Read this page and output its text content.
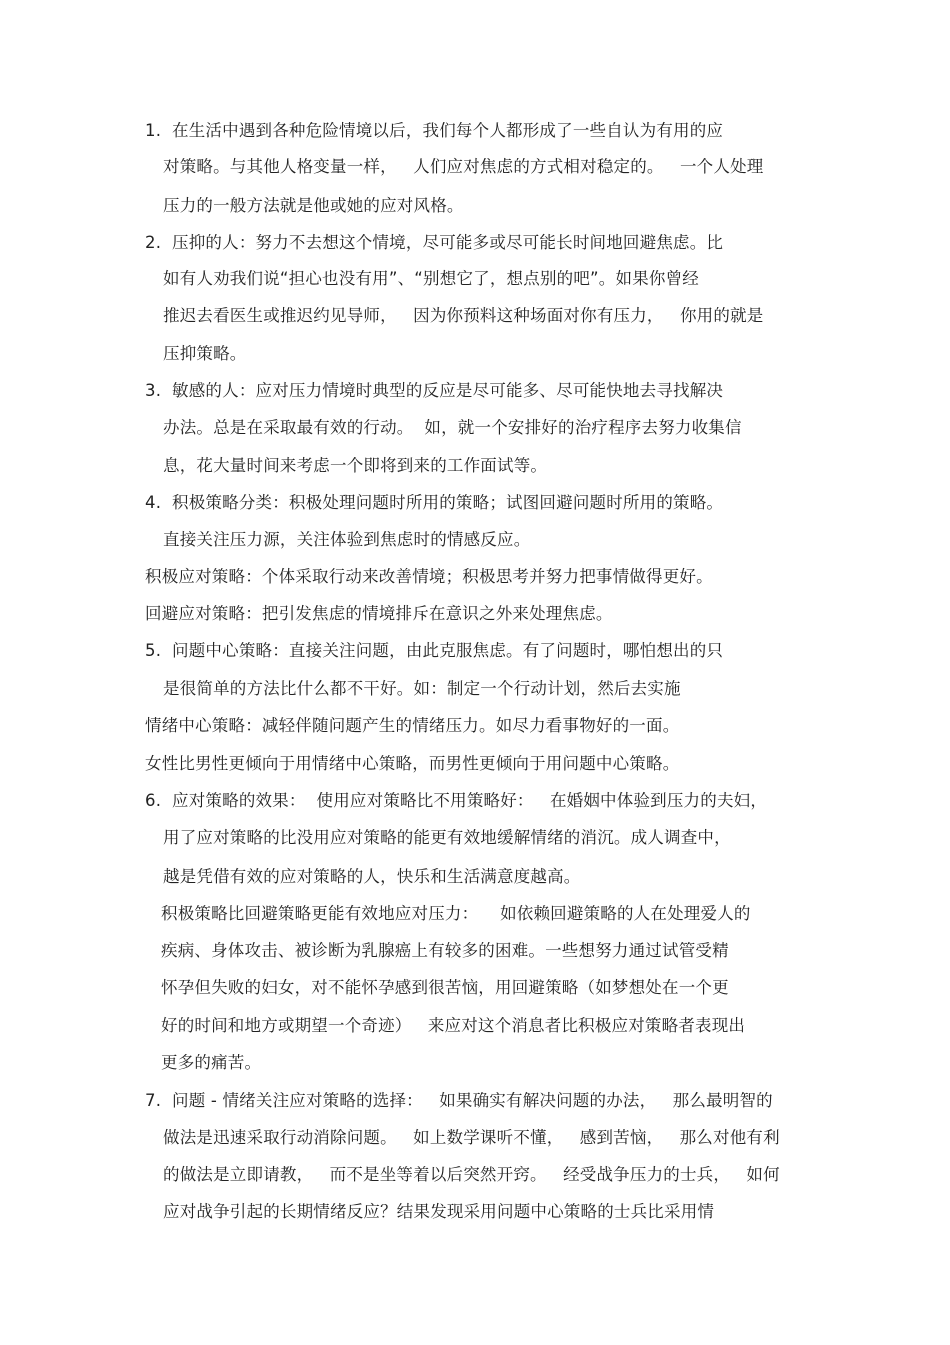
1.  在生活中遇到各种危险情境以后，我们每个人都形成了一些自认为有用的应
对策略。与其他人格变量一样，   人们应对焦虑的方式相对稳定的。   一个人处理
压力的一般方法就是他或她的应对风格。
2.  压抑的人：努力不去想这个情境，尽可能多或尽可能长时间地回避焦虑。比
如有人劝我们说“担心也没有用”、“别想它了，想点别的吧”。如果你曾经
推迟去看医生或推迟约见导师，   因为你预料这种场面对你有压力，   你用的就是
压抑策略。
3.  敏感的人：应对压力情境时典型的反应是尽可能多、尽可能快地去寻找解决
办法。总是在采取最有效的行动。  如，就一个安排好的治疗程序去努力收集信
息，花大量时间来考虑一个即将到来的工作面试等。
4.  积极策略分类：积极处理问题时所用的策略；试图回避问题时所用的策略。
直接关注压力源，关注体验到焦虑时的情感反应。
积极应对策略：个体采取行动来改善情境；积极思考并努力把事情做得更好。
回避应对策略：把引发焦虑的情境排斥在意识之外来处理焦虑。
5.  问题中心策略：直接关注问题，由此克服焦虑。有了问题时，哪怕想出的只
是很简单的方法比什么都不干好。如：制定一个行动计划，然后去实施
情绪中心策略：减轻伴随问题产生的情绪压力。如尽力看事物好的一面。
女性比男性更倾向于用情绪中心策略，而男性更倾向于用问题中心策略。
6.  应对策略的效果：  使用应对策略比不用策略好：   在婚姻中体验到压力的夫妇，
用了应对策略的比没用应对策略的能更有效地缓解情绪的消沉。成人调查中，
越是凭借有效的应对策略的人，快乐和生活满意度越高。
积极策略比回避策略更能有效地应对压力：    如依赖回避策略的人在处理爱人的
疾病、身体攻击、被诊断为乳腺癌上有较多的困难。一些想努力通过试管受精
怀孕但失败的妇女，对不能怀孕感到很苦恼，用回避策略（如梦想处在一个更
好的时间和地方或期望一个奇迹）   来应对这个消息者比积极应对策略者表现出
更多的痛苦。
7.  问题 - 情绪关注应对策略的选择：   如果确实有解决问题的办法，   那么最明智的
做法是迅速采取行动消除问题。   如上数学课听不懂，   感到苦恼，   那么对他有利
的做法是立即请教，   而不是坐等着以后突然开窍。   经受战争压力的士兵，   如何
应对战争引起的长期情绪反应？结果发现采用问题中心策略的士兵比采用情
